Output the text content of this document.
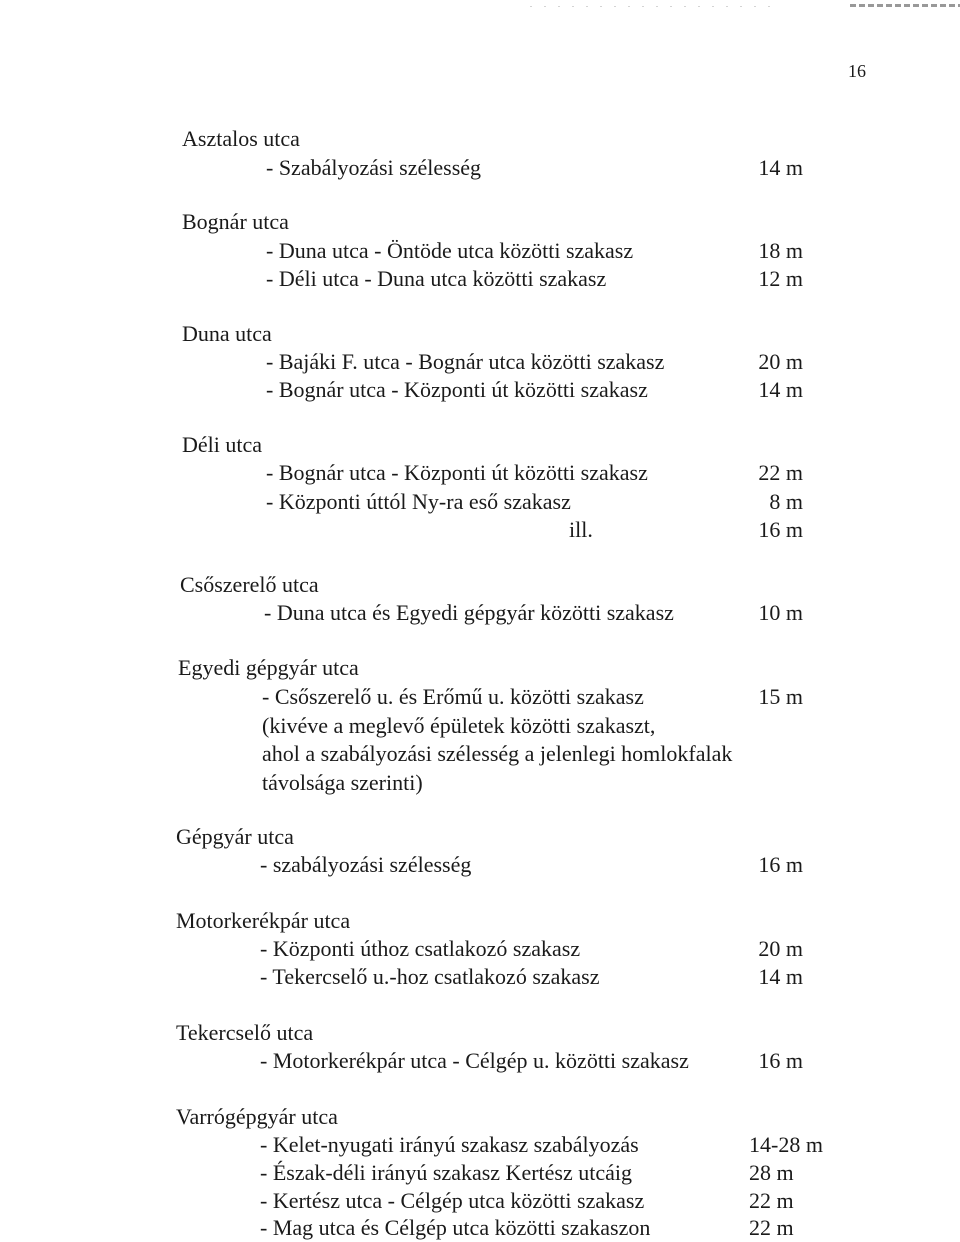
16
Asztalos utca
- Szabályozási szélesség	14 m
Bognár utca
- Duna utca - Öntöde utca közötti szakasz	18 m
- Déli utca - Duna utca közötti szakasz	12 m
Duna utca
- Bajáki F. utca - Bognár utca közötti szakasz	20 m
- Bognár utca - Központi út közötti szakasz	14 m
Déli utca
- Bognár utca - Központi út közötti szakasz	22 m
- Központi úttól Ny-ra eső szakasz	8 m
ill.	16 m
Csőszerelő utca
- Duna utca és Egyedi gépgyár közötti szakasz	10 m
Egyedi gépgyár utca
- Csőszerelő u. és Erőmű u. közötti szakasz	15 m
(kivéve a meglevő épületek közötti szakaszt,
ahol a szabályozási szélesség a jelenlegi homlokfalak
távolsága szerinti)
Gépgyár utca
- szabályozási szélesség	16 m
Motorkerékpár utca
- Központi úthoz csatlakozó szakasz	20 m
- Tekercselő u.-hoz csatlakozó szakasz	14 m
Tekercselő utca
- Motorkerékpár utca - Célgép u. közötti szakasz	16 m
Varrógépgyár utca
- Kelet-nyugati irányú szakasz szabályozás	14-28 m
- Észak-déli irányú szakasz Kertész utcáig	28 m
- Kertész utca - Célgép utca közötti szakasz	22 m
- Mag utca és Célgép utca közötti szakaszon	22 m
